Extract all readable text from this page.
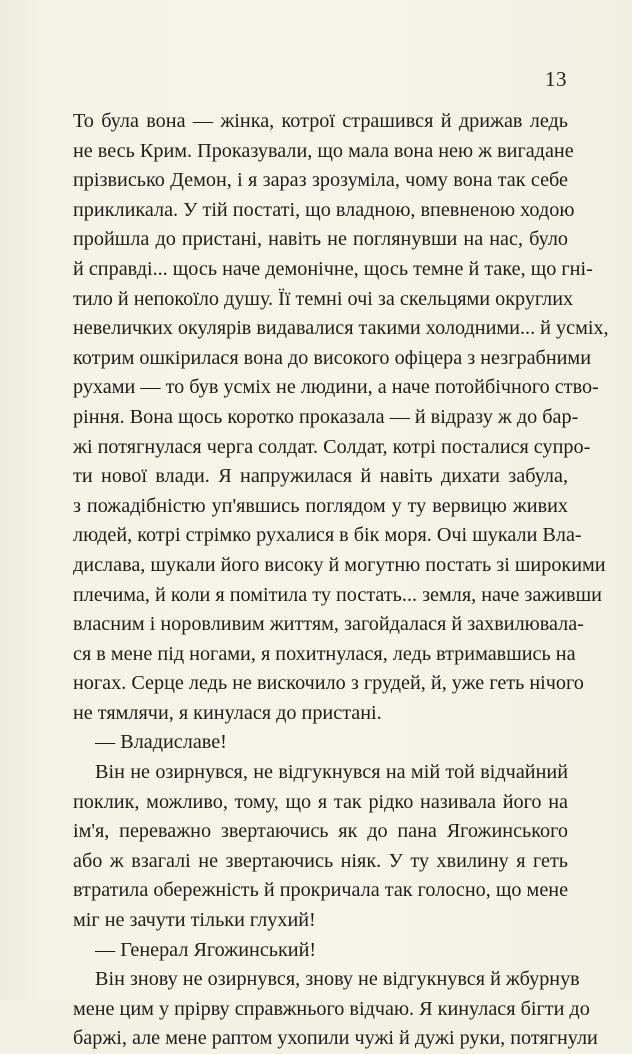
13

То була вона — жінка, котрої страшився й дрижав ледь
не весь Крим. Проказували, що мала вона нею ж вигадане
прізвисько Демон, і я зараз зрозуміла, чому вона так себе
прикликала. У тій постаті, що владною, впевненою ходою
пройшла до пристані, навіть не поглянувши на нас, було
й справді... щось наче демонічне, щось темне й таке, що гні-
тило й непокоїло душу. Її темні очі за скельцями округлих
невеличких окулярів видавалися такими холодними... й усміх,
котрим ошкірилася вона до високого офіцера з незграбними
рухами — то був усміх не людини, а наче потойбічного ство-
ріння. Вона щось коротко проказала — й відразу ж до бар-
жі потягнулася черга солдат. Солдат, котрі посталися супро-
ти нової влади. Я напружилася й навіть дихати забула,
з пожадібністю уп'явшись поглядом у ту вервицю живих
людей, котрі стрімко рухалися в бік моря. Очі шукали Вла-
дислава, шукали його високу й могутню постать зі широкими
плечима, й коли я помітила ту постать... земля, наче заживши
власним і норовливим життям, загойдалася й захвилювала-
ся в мене під ногами, я похитнулася, ледь втримавшись на
ногах. Серце ледь не вискочило з грудей, й, уже геть нічого
не тямлячи, я кинулася до пристані.

— Владиславе!

Він не озирнувся, не відгукнувся на мій той відчайний
поклик, можливо, тому, що я так рідко називала його на
ім'я, переважно звертаючись як до пана Ягожинського
або ж взагалі не звертаючись ніяк. У ту хвилину я геть
втратила обережність й прокричала так голосно, що мене
міг не зачути тільки глухий!

— Генерал Ягожинський!

Він знову не озирнувся, знову не відгукнувся й жбурнув
мене цим у прірву справжнього відчаю. Я кинулася бігти до
баржі, але мене раптом ухопили чужі й дужі руки, потягнули
